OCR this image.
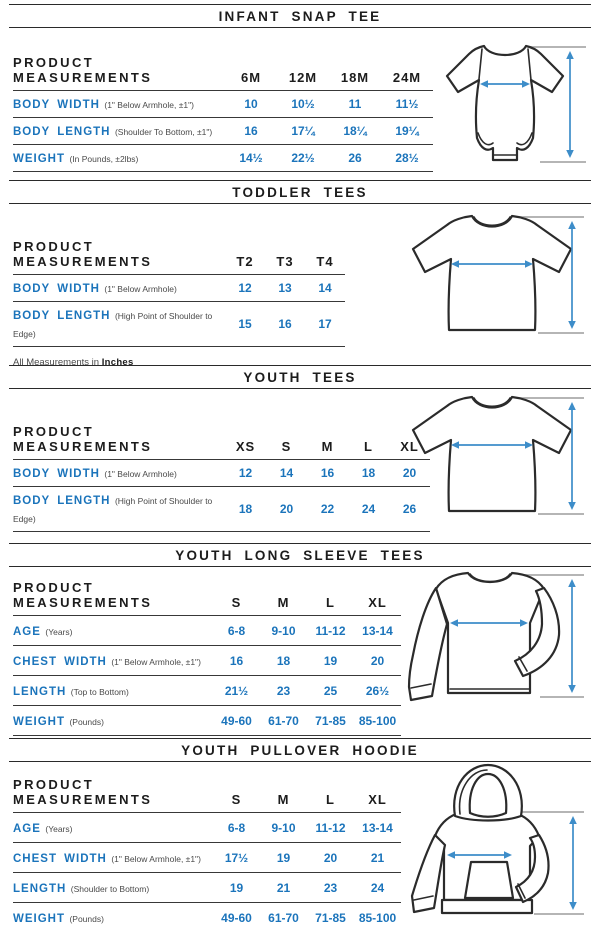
INFANT SNAP TEE
PRODUCT MEASUREMENTS	6M	12M	18M	24M
BODY WIDTH (1" Below Armhole, ±1")	10	10½	11	11½
BODY LENGTH (Shoulder To Bottom, ±1")	16	17¼	18¼	19¼
WEIGHT (In Pounds, ±2lbs)	14½	22½	26	28½

TODDLER TEES
PRODUCT MEASUREMENTS	T2	T3	T4
BODY WIDTH (1" Below Armhole)	12	13	14
BODY LENGTH (High Point of Shoulder to Edge)	15	16	17

All Measurements in Inches

YOUTH TEES
PRODUCT MEASUREMENTS	XS	S	M	L	XL
BODY WIDTH (1" Below Armhole)	12	14	16	18	20
BODY LENGTH (High Point of Shoulder to Edge)	18	20	22	24	26

YOUTH LONG SLEEVE TEES
PRODUCT MEASUREMENTS	S	M	L	XL
AGE (Years)	6-8	9-10	11-12	13-14
CHEST WIDTH (1" Below Armhole, ±1")	16	18	19	20
LENGTH (Top to Bottom)	21½	23	25	26½
WEIGHT (Pounds)	49-60	61-70	71-85	85-100

YOUTH PULLOVER HOODIE
PRODUCT MEASUREMENTS	S	M	L	XL
AGE (Years)	6-8	9-10	11-12	13-14
CHEST WIDTH (1" Below Armhole, ±1")	17½	19	20	21
LENGTH (Shoulder to Bottom)	19	21	23	24
WEIGHT (Pounds)	49-60	61-70	71-85	85-100
